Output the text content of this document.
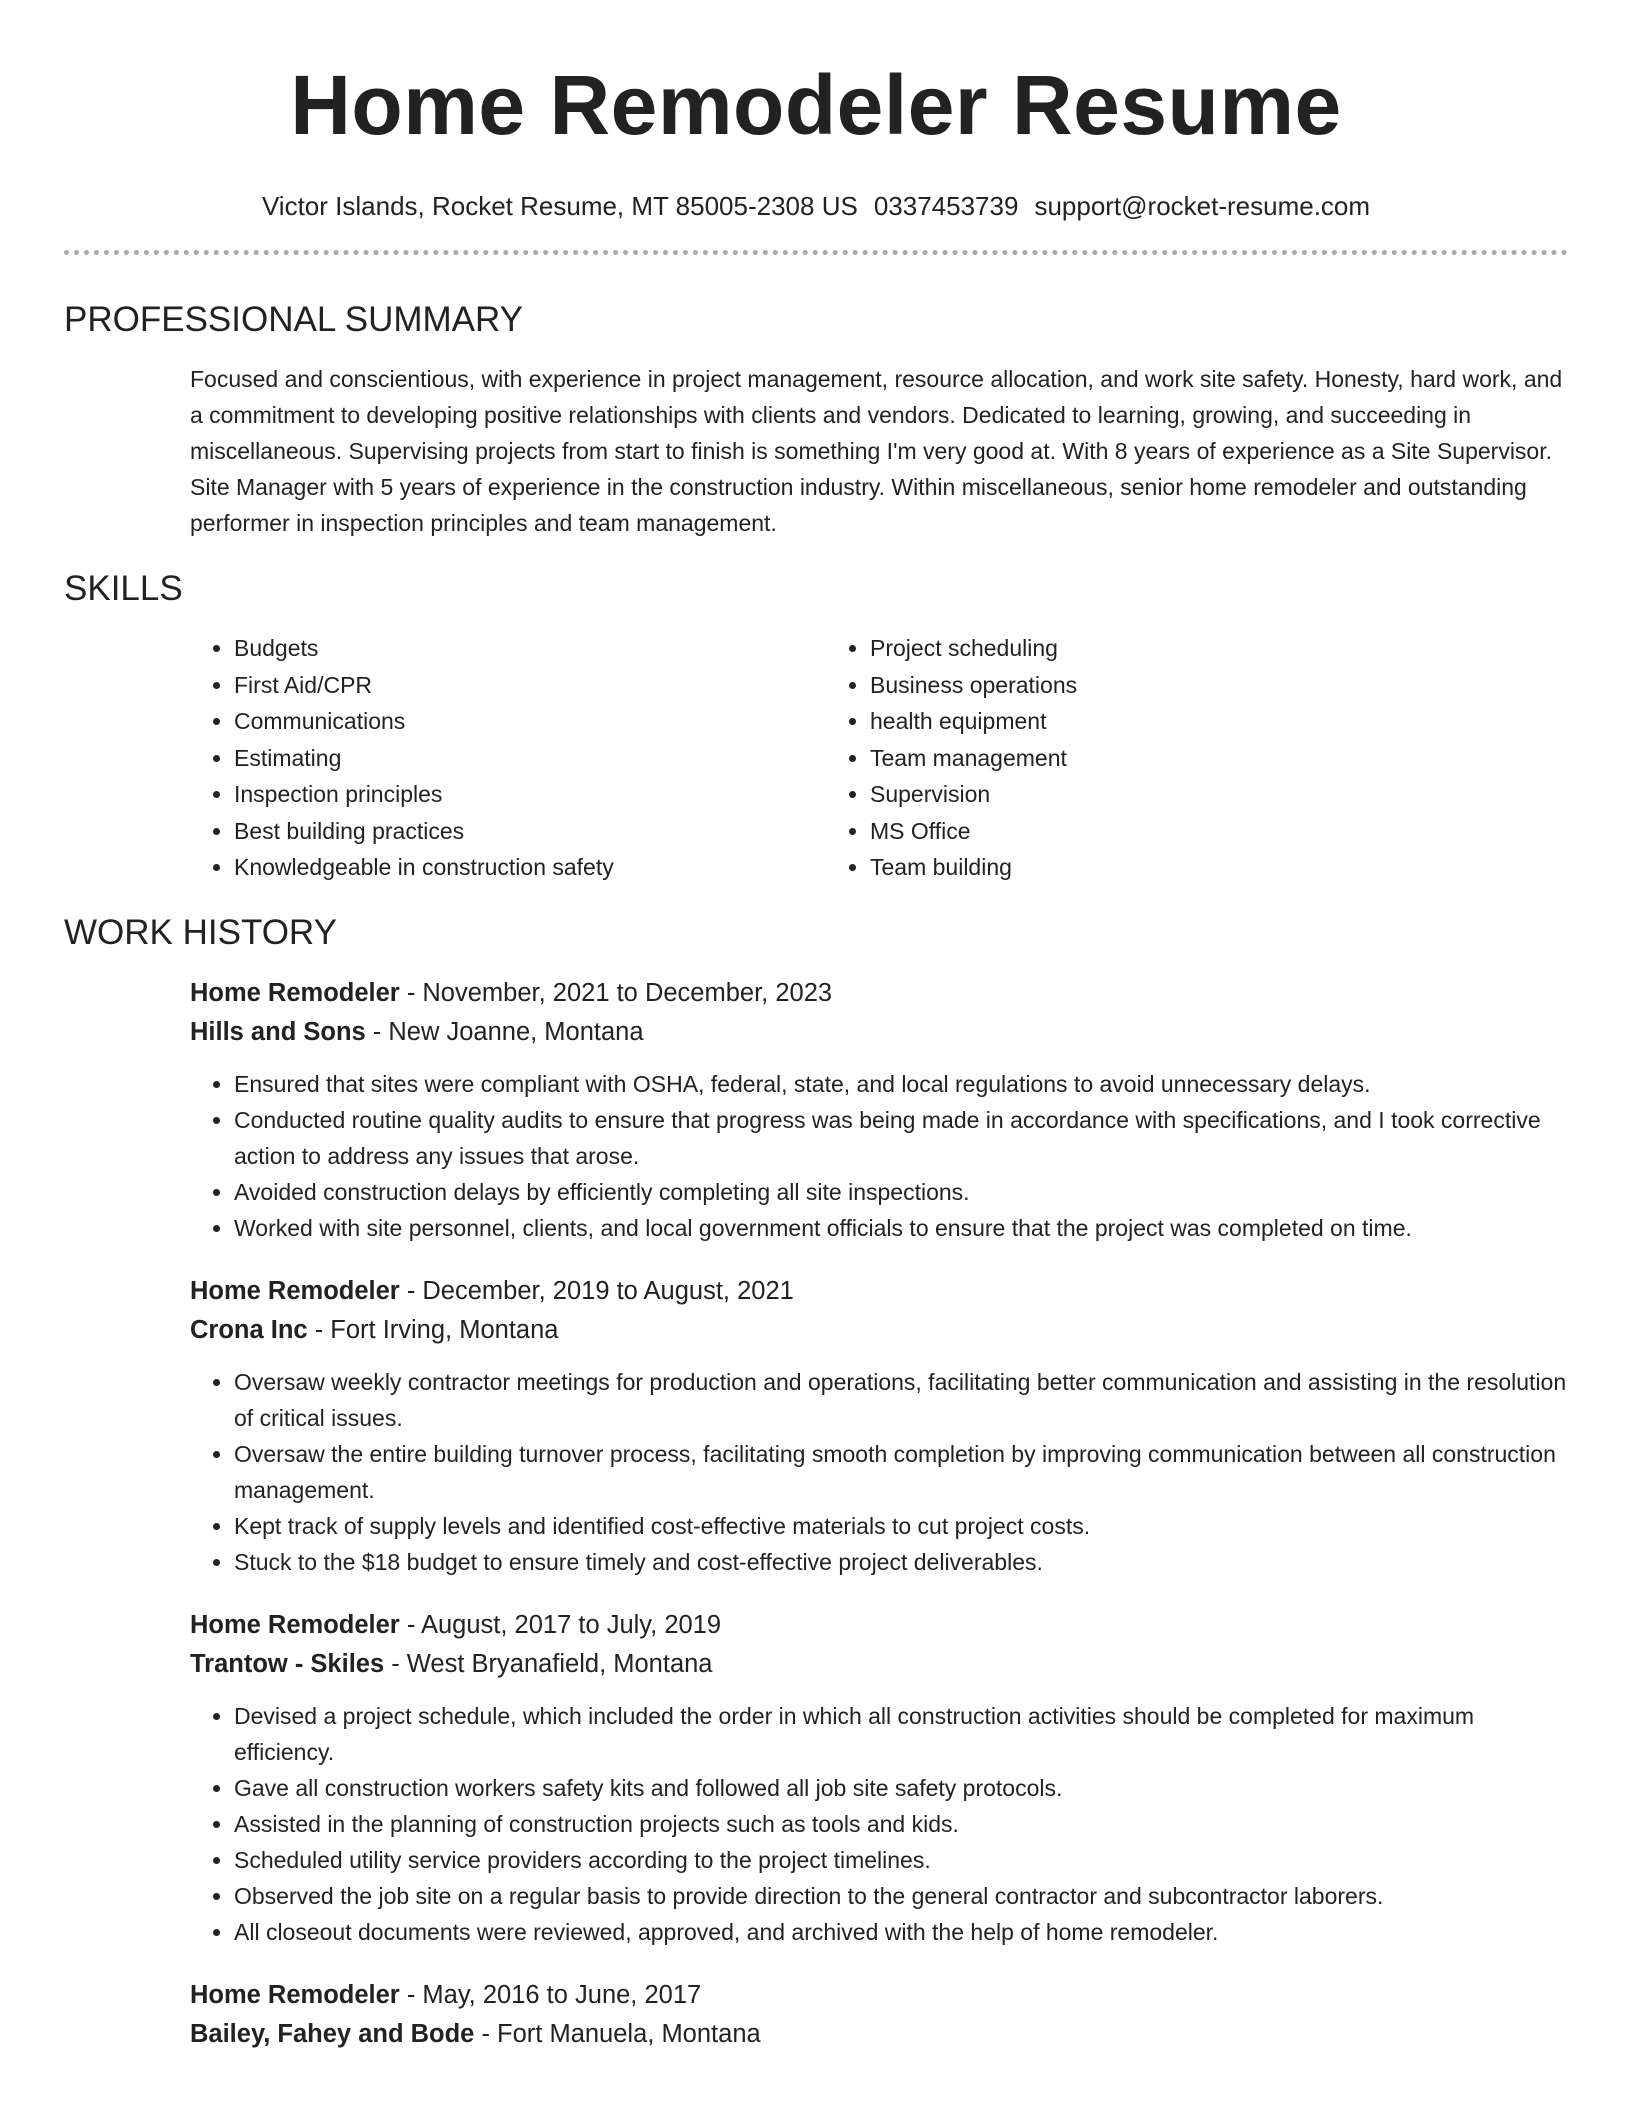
Home Remodeler Resume
Victor Islands, Rocket Resume, MT 85005-2308 US 0337453739 support@rocket-resume.com
PROFESSIONAL SUMMARY

Focused and conscientious, with experience in project management, resource allocation, and work site safety. Honesty, hard work, and a commitment to developing positive relationships with clients and vendors. Dedicated to learning, growing, and succeeding in miscellaneous. Supervising projects from start to finish is something I'm very good at. With 8 years of experience as a Site Supervisor. Site Manager with 5 years of experience in the construction industry. Within miscellaneous, senior home remodeler and outstanding performer in inspection principles and team management.

SKILLS
• Budgets
• First Aid/CPR
• Communications
• Estimating
• Inspection principles
• Best building practices
• Knowledgeable in construction safety
• Project scheduling
• Business operations
• health equipment
• Team management
• Supervision
• MS Office
• Team building
WORK HISTORY
Home Remodeler - November, 2021 to December, 2023
Hills and Sons - New Joanne, Montana
• Ensured that sites were compliant with OSHA, federal, state, and local regulations to avoid unnecessary delays.
• Conducted routine quality audits to ensure that progress was being made in accordance with specifications, and I took corrective action to address any issues that arose.
• Avoided construction delays by efficiently completing all site inspections.
• Worked with site personnel, clients, and local government officials to ensure that the project was completed on time.
Home Remodeler - December, 2019 to August, 2021
Crona Inc - Fort Irving, Montana
• Oversaw weekly contractor meetings for production and operations, facilitating better communication and assisting in the resolution of critical issues.
• Oversaw the entire building turnover process, facilitating smooth completion by improving communication between all construction management.
• Kept track of supply levels and identified cost-effective materials to cut project costs.
• Stuck to the $18 budget to ensure timely and cost-effective project deliverables.
Home Remodeler - August, 2017 to July, 2019
Trantow - Skiles - West Bryanafield, Montana
• Devised a project schedule, which included the order in which all construction activities should be completed for maximum efficiency.
• Gave all construction workers safety kits and followed all job site safety protocols.
• Assisted in the planning of construction projects such as tools and kids.
• Scheduled utility service providers according to the project timelines.
• Observed the job site on a regular basis to provide direction to the general contractor and subcontractor laborers.
• All closeout documents were reviewed, approved, and archived with the help of home remodeler.
Home Remodeler - May, 2016 to June, 2017
Bailey, Fahey and Bode - Fort Manuela, Montana
